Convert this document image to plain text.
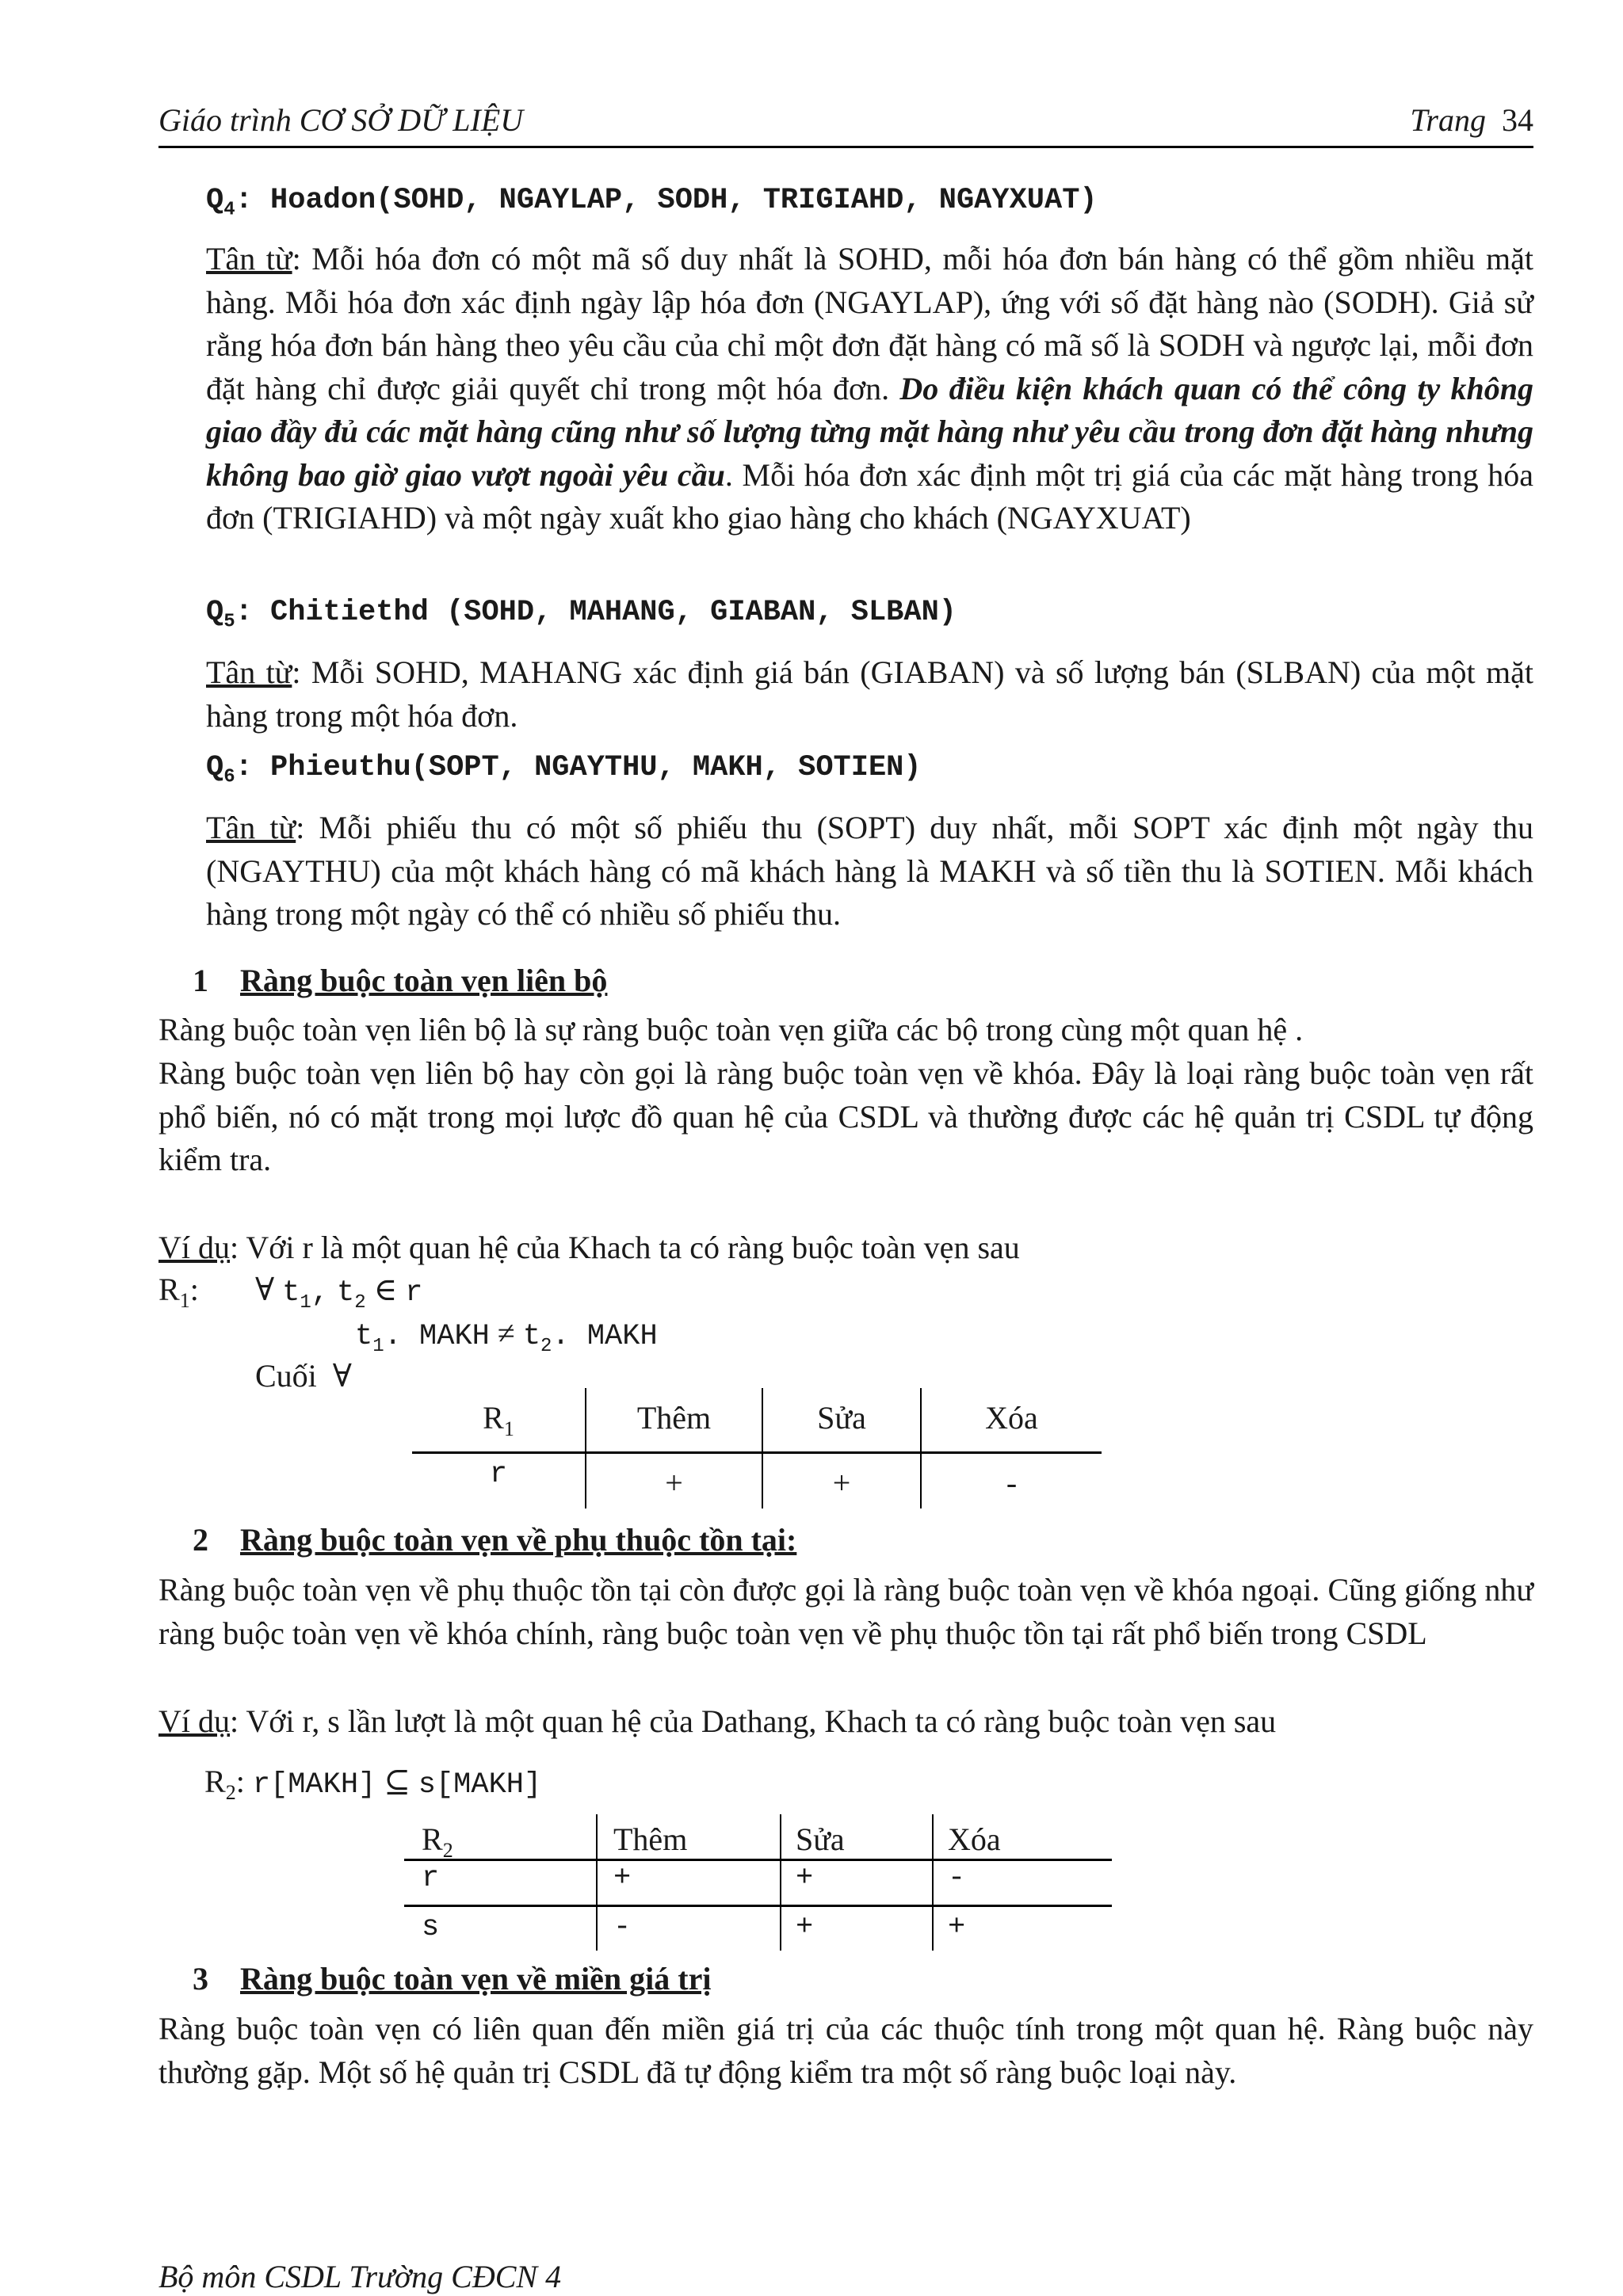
Giáo trình CƠ SỞ DỮ LIỆU	Trang 34
$Q_4$: Hoadon(SOHD, NGAYLAP, SODH, TRIGIAHD, NGAYXUAT)
Tân từ: Mỗi hóa đơn có một mã số duy nhất là SOHD, mỗi hóa đơn bán hàng có thể gồm nhiều mặt hàng. Mỗi hóa đơn xác định ngày lập hóa đơn (NGAYLAP), ứng với số đặt hàng nào (SODH). Giả sử rằng hóa đơn bán hàng theo yêu cầu của chỉ một đơn đặt hàng có mã số là SODH và ngược lại, mỗi đơn đặt hàng chỉ được giải quyết chỉ trong một hóa đơn. Do điều kiện khách quan có thể công ty không giao đầy đủ các mặt hàng cũng như số lượng từng mặt hàng như yêu cầu trong đơn đặt hàng nhưng không bao giờ giao vượt ngoài yêu cầu. Mỗi hóa đơn xác định một trị giá của các mặt hàng trong hóa đơn (TRIGIAHD) và một ngày xuất kho giao hàng cho khách (NGAYXUAT)
$Q_5$: Chitiethd (SOHD, MAHANG, GIABAN, SLBAN)
Tân từ: Mỗi SOHD, MAHANG xác định giá bán (GIABAN) và số lượng bán (SLBAN) của một mặt hàng trong một hóa đơn.
$Q_6$: Phieuthu(SOPT, NGAYTHU, MAKH, SOTIEN)
Tân từ: Mỗi phiếu thu có một số phiếu thu (SOPT) duy nhất, mỗi SOPT xác định một ngày thu (NGAYTHU) của một khách hàng có mã khách hàng là MAKH và số tiền thu là SOTIEN. Mỗi khách hàng trong một ngày có thể có nhiều số phiếu thu.
1 Ràng buộc toàn vẹn liên bộ
Ràng buộc toàn vẹn liên bộ là sự ràng buộc toàn vẹn giữa các bộ trong cùng một quan hệ .
Ràng buộc toàn vẹn liên bộ hay còn gọi là ràng buộc toàn vẹn về khóa. Đây là loại ràng buộc toàn vẹn rất phổ biến, nó có mặt trong mọi lược đồ quan hệ của CSDL và thường được các hệ quản trị CSDL tự động kiểm tra.
Ví dụ: Với r là một quan hệ của Khach ta có ràng buộc toàn vẹn sau
$R_1$: ∀ $t_1$, $t_2$ ∈ r
$t_1$. MAKH ≠ $t_2$. MAKH
Cuối ∀
$R_1$	Thêm	Sửa	Xóa
r	+	+	-
2 Ràng buộc toàn vẹn về phụ thuộc tồn tại:
Ràng buộc toàn vẹn về phụ thuộc tồn tại còn được gọi là ràng buộc toàn vẹn về khóa ngoại. Cũng giống như ràng buộc toàn vẹn về khóa chính, ràng buộc toàn vẹn về phụ thuộc tồn tại rất phổ biến trong CSDL
Ví dụ: Với r, s lần lượt là một quan hệ của Dathang, Khach ta có ràng buộc toàn vẹn sau
$R_2$: r[MAKH] ⊆ s[MAKH]
$R_2$	Thêm	Sửa	Xóa
r	+	+	-
s	-	+	+
3 Ràng buộc toàn vẹn về miền giá trị
Ràng buộc toàn vẹn có liên quan đến miền giá trị của các thuộc tính trong một quan hệ. Ràng buộc này thường gặp. Một số hệ quản trị CSDL đã tự động kiểm tra một số ràng buộc loại này.
Bộ môn CSDL Trường CĐCN 4
